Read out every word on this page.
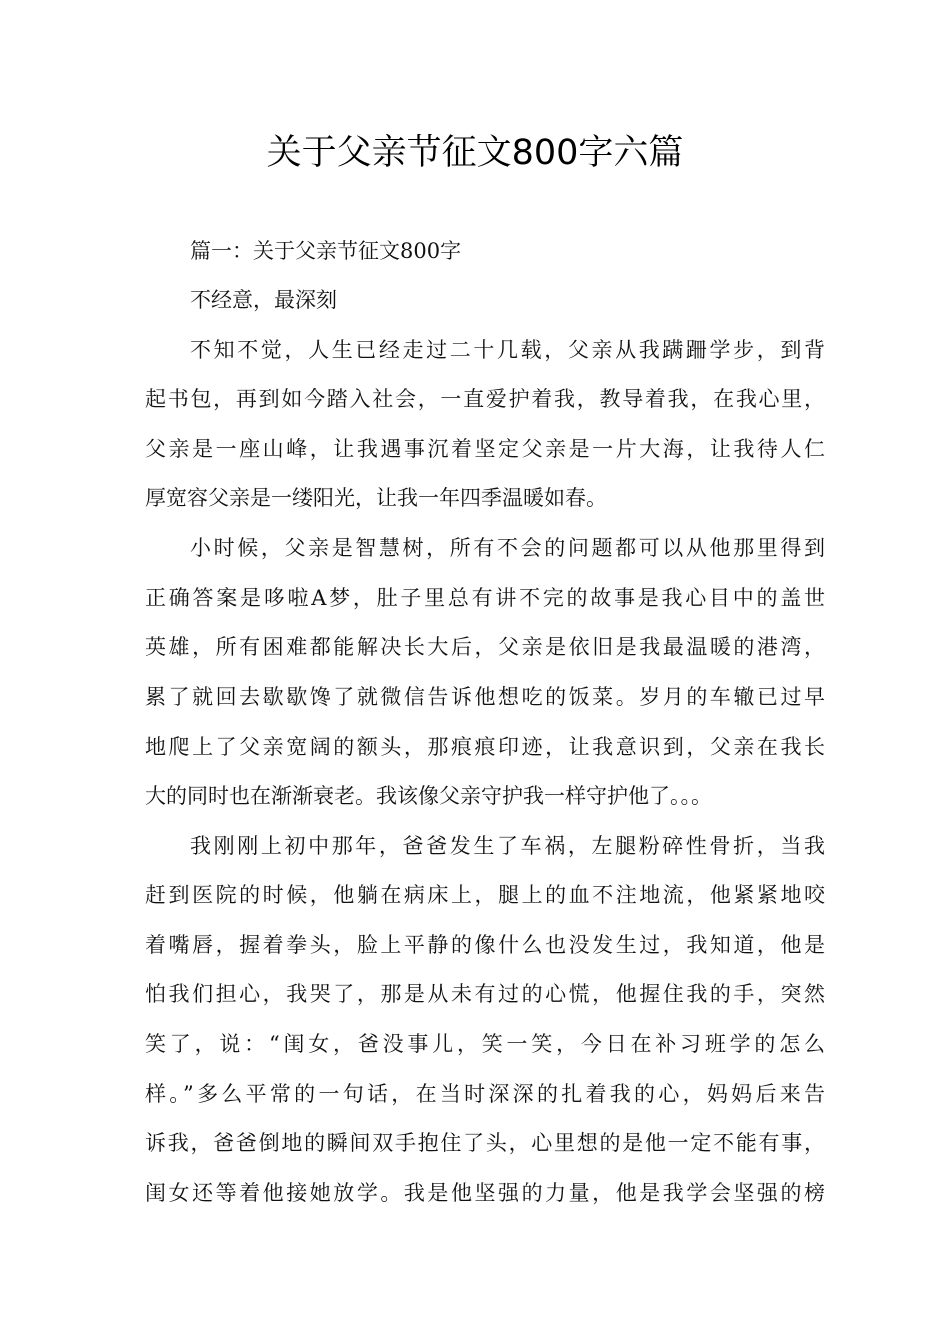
关于父亲节征文800字六篇
篇一：关于父亲节征文800字
不经意，最深刻
不知不觉，人生已经走过二十几载，父亲从我蹒跚学步，到背
起书包，再到如今踏入社会，一直爱护着我，教导着我，在我心里，
父亲是一座山峰，让我遇事沉着坚定父亲是一片大海，让我待人仁
厚宽容父亲是一缕阳光，让我一年四季温暖如春。
小时候，父亲是智慧树，所有不会的问题都可以从他那里得到
正确答案是哆啦A梦，肚子里总有讲不完的故事是我心目中的盖世
英雄，所有困难都能解决长大后，父亲是依旧是我最温暖的港湾，
累了就回去歇歇馋了就微信告诉他想吃的饭菜。岁月的车辙已过早
地爬上了父亲宽阔的额头，那痕痕印迹，让我意识到，父亲在我长
大的同时也在渐渐衰老。我该像父亲守护我一样守护他了。。。
我刚刚上初中那年，爸爸发生了车祸，左腿粉碎性骨折，当我
赶到医院的时候，他躺在病床上，腿上的血不注地流，他紧紧地咬
着嘴唇，握着拳头，脸上平静的像什么也没发生过，我知道，他是
怕我们担心，我哭了，那是从未有过的心慌，他握住我的手，突然
笑了，说：“闺女，爸没事儿，笑一笑，今日在补习班学的怎么
样。”多么平常的一句话，在当时深深的扎着我的心，妈妈后来告
诉我，爸爸倒地的瞬间双手抱住了头，心里想的是他一定不能有事，
闺女还等着他接她放学。我是他坚强的力量，他是我学会坚强的榜
